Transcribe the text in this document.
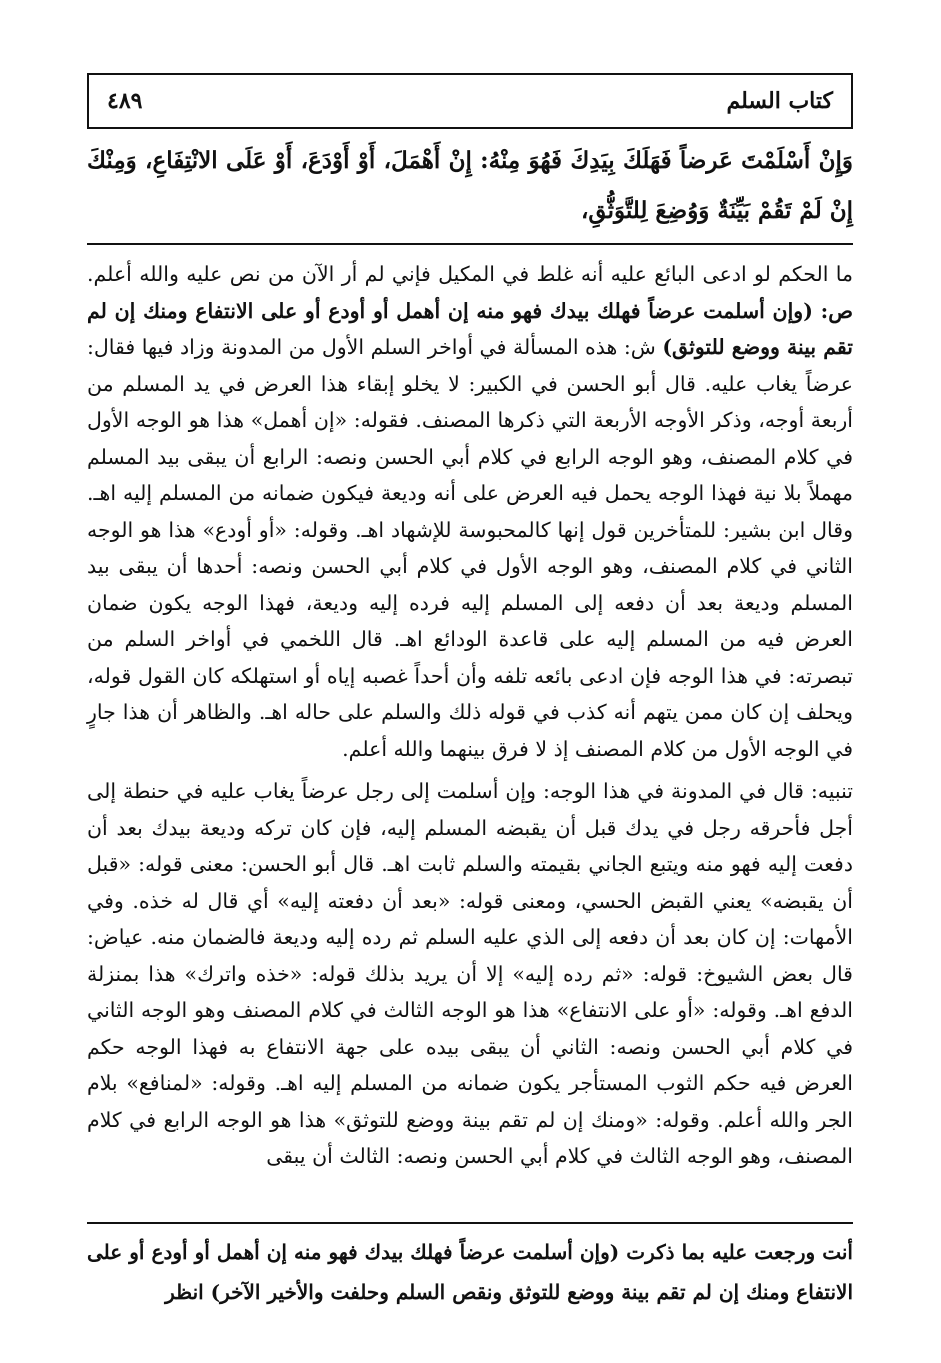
٤٨٩	كتاب السلم

وَإِنْ أَسْلَمْتَ عَرضاً فَهَلَكَ بِيَدِكَ فَهُوَ مِنْهُ: إِنْ أَهْمَلَ، أَوْ أَوْدَعَ، أَوْ عَلَى الانْتِفَاعِ، وَمِنْكَ إِنْ لَمْ تَقُمْ بَيِّنَةٌ وَوُضِعَ لِلتَّوَثُّقِ،

ما الحكم لو ادعى البائع عليه أنه غلط في المكيل فإني لم أر الآن من نص عليه والله أعلم. ص: (وإن أسلمت عرضاً فهلك بيدك فهو منه إن أهمل أو أودع أو على الانتفاع ومنك إن لم تقم بينة ووضع للتوثق) ش: هذه المسألة في أواخر السلم الأول من المدونة وزاد فيها فقال: عرضاً يغاب عليه. قال أبو الحسن في الكبير: لا يخلو إبقاء هذا العرض في يد المسلم من أربعة أوجه، وذكر الأوجه الأربعة التي ذكرها المصنف. فقوله: «إن أهمل» هذا هو الوجه الأول في كلام المصنف، وهو الوجه الرابع في كلام أبي الحسن ونصه: الرابع أن يبقى بيد المسلم مهملاً بلا نية فهذا الوجه يحمل فيه العرض على أنه وديعة فيكون ضمانه من المسلم إليه اهـ. وقال ابن بشير: للمتأخرين قول إنها كالمحبوسة للإشهاد اهـ. وقوله: «أو أودع» هذا هو الوجه الثاني في كلام المصنف، وهو الوجه الأول في كلام أبي الحسن ونصه: أحدها أن يبقى بيد المسلم وديعة بعد أن دفعه إلى المسلم إليه فرده إليه وديعة، فهذا الوجه يكون ضمان العرض فيه من المسلم إليه على قاعدة الودائع اهـ. قال اللخمي في أواخر السلم من تبصرته: في هذا الوجه فإن ادعى بائعه تلفه وأن أحداً غصبه إياه أو استهلكه كان القول قوله، ويحلف إن كان ممن يتهم أنه كذب في قوله ذلك والسلم على حاله اهـ. والظاهر أن هذا جارٍ في الوجه الأول من كلام المصنف إذ لا فرق بينهما والله أعلم.

تنبيه: قال في المدونة في هذا الوجه: وإن أسلمت إلى رجل عرضاً يغاب عليه في حنطة إلى أجل فأحرقه رجل في يدك قبل أن يقبضه المسلم إليه، فإن كان تركه وديعة بيدك بعد أن دفعت إليه فهو منه ويتبع الجاني بقيمته والسلم ثابت اهـ. قال أبو الحسن: معنى قوله: «قبل أن يقبضه» يعني القبض الحسي، ومعنى قوله: «بعد أن دفعته إليه» أي قال له خذه. وفي الأمهات: إن كان بعد أن دفعه إلى الذي عليه السلم ثم رده إليه وديعة فالضمان منه. عياض: قال بعض الشيوخ: قوله: «ثم رده إليه» إلا أن يريد بذلك قوله: «خذه واترك» هذا بمنزلة الدفع اهـ. وقوله: «أو على الانتفاع» هذا هو الوجه الثالث في كلام المصنف وهو الوجه الثاني في كلام أبي الحسن ونصه: الثاني أن يبقى بيده على جهة الانتفاع به فهذا الوجه حكم العرض فيه حكم الثوب المستأجر يكون ضمانه من المسلم إليه اهـ. وقوله: «لمنافع» بلام الجر والله أعلم. وقوله: «ومنك إن لم تقم بينة ووضع للتوثق» هذا هو الوجه الرابع في كلام المصنف، وهو الوجه الثالث في كلام أبي الحسن ونصه: الثالث أن يبقى

أنت ورجعت عليه بما ذكرت (وإن أسلمت عرضاً فهلك بيدك فهو منه إن أهمل أو أودع أو على الانتفاع ومنك إن لم تقم بينة ووضع للتوثق ونقص السلم وحلفت والأخير الآخر) انظر
